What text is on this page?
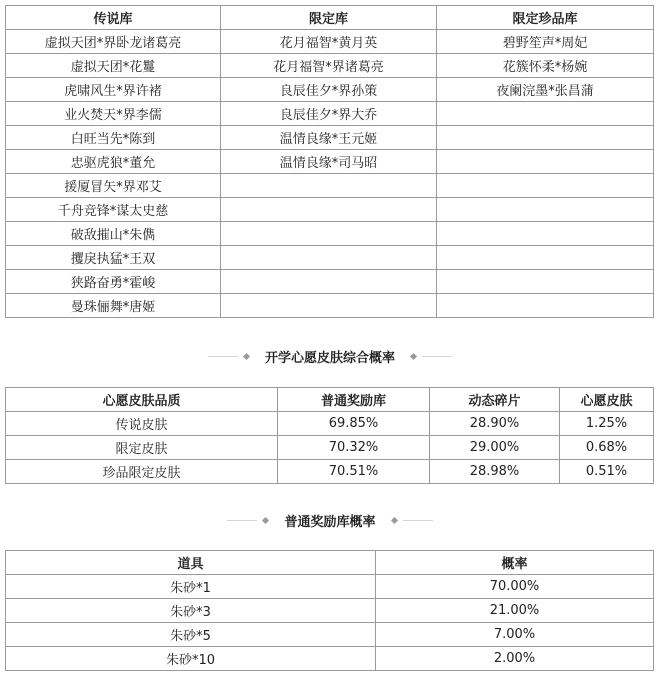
传说库	限定库	限定珍品库
虚拟天团*界卧龙诸葛亮	花月福智*黄月英	碧野笙声*周妃
虚拟天团*花鬘	花月福智*界诸葛亮	花簇怀柔*杨婉
虎啸风生*界许褚	良辰佳夕*界孙策	夜阑浣墨*张昌蒲
业火焚天*界李儒	良辰佳夕*界大乔	
白旺当先*陈到	温情良缘*王元姬	
忠驱虎狼*董允	温情良缘*司马昭	
援厦冒矢*界邓艾		
千舟竞锋*谋太史慈		
破敌摧山*朱儁		
攫戾执猛*王双		
狭路奋勇*霍峻		
曼珠俪舞*唐姬		
开学心愿皮肤综合概率
心愿皮肤品质	普通奖励库	动态碎片	心愿皮肤
传说皮肤	69.85%	28.90%	1.25%
限定皮肤	70.32%	29.00%	0.68%
珍品限定皮肤	70.51%	28.98%	0.51%
普通奖励库概率
道具	概率
朱砂*1	70.00%
朱砂*3	21.00%
朱砂*5	7.00%
朱砂*10	2.00%
